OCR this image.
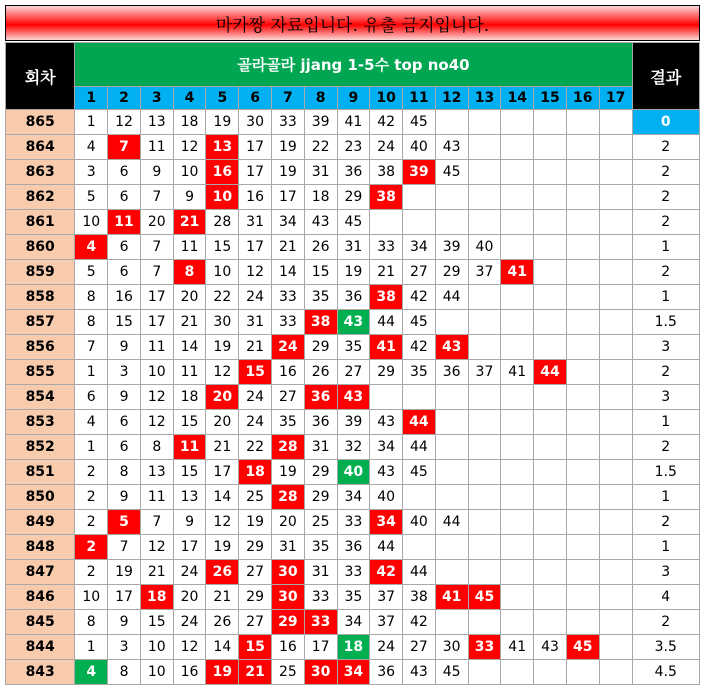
마카짱 자료입니다. 유출 금지입니다.
회차	골라골라 jjang 1-5수 top no40																	결과
	1	2	3	4	5	6	7	8	9	10	11	12	13	14	15	16	17	
865	1	12	13	18	19	30	33	39	41	42	45							0
864	4	7	11	12	13	17	19	22	23	24	40	43						2
863	3	6	9	10	16	17	19	31	36	38	39	45						2
862	5	6	7	9	10	16	17	18	29	38								2
861	10	11	20	21	28	31	34	43	45									2
860	4	6	7	11	15	17	21	26	31	33	34	39	40					1
859	5	6	7	8	10	12	14	15	19	21	27	29	37	41				2
858	8	16	17	20	22	24	33	35	36	38	42	44						1
857	8	15	17	21	30	31	33	38	43	44	45							1.5
856	7	9	11	14	19	21	24	29	35	41	42	43						3
855	1	3	10	11	12	15	16	26	27	29	35	36	37	41	44			2
854	6	9	12	18	20	24	27	36	43									3
853	4	6	12	15	20	24	35	36	39	43	44							1
852	1	6	8	11	21	22	28	31	32	34	44							2
851	2	8	13	15	17	18	19	29	40	43	45							1.5
850	2	9	11	13	14	25	28	29	34	40								1
849	2	5	7	9	12	19	20	25	33	34	40	44						2
848	2	7	12	17	19	29	31	35	36	44								1
847	2	19	21	24	26	27	30	31	33	42	44							3
846	10	17	18	20	21	29	30	33	35	37	38	41	45					4
845	8	9	15	24	26	27	29	33	34	37	42							2
844	1	3	10	12	14	15	16	17	18	24	27	30	33	41	43	45		3.5
843	4	8	10	16	19	21	25	30	34	36	43	45						4.5
